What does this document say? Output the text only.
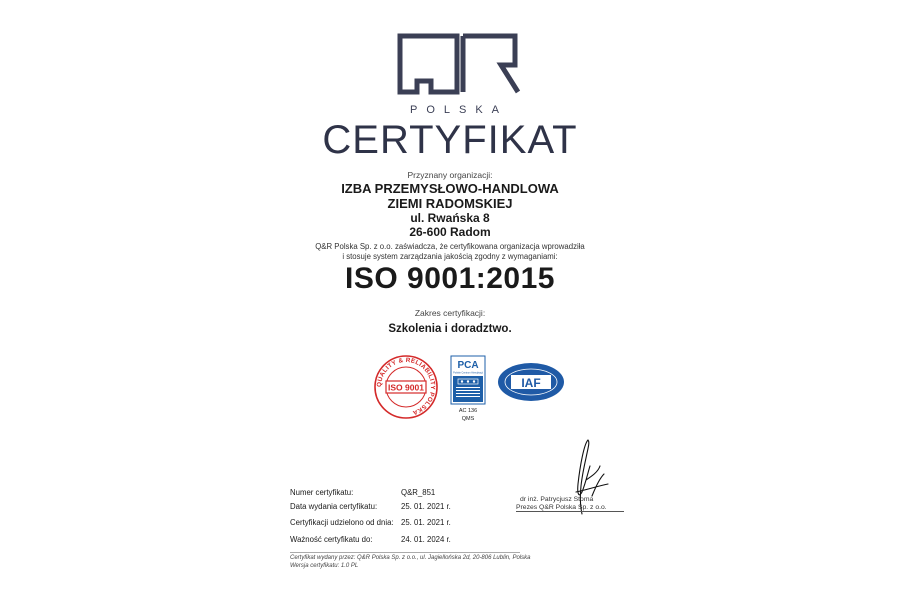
POLSKA
CERTYFIKAT
Przyznany organizacji:
IZBA PRZEMYSŁOWO-HANDLOWA
ZIEMI RADOMSKIEJ
ul. Rwańska 8
26-600 Radom
Q&R Polska Sp. z o.o. zaświadcza, że certyfikowana organizacja wprowadziła
i stosuje system zarządzania jakością zgodny z wymaganiami:
ISO 9001:2015
Zakres certyfikacji:
Szkolenia i doradztwo.
QUALITY & RELIABILITY POLSKA
ISO 9001
PCA
Polskie Centrum Akredytacji
AC 136
QMS
IAF
dr inż. Patrycjusz Stoma
Prezes Q&R Polska Sp. z o.o.
Numer certyfikatu:	Q&R_851
Data wydania certyfikatu:	25. 01. 2021 r.
Certyfikacji udzielono od dnia: 25. 01. 2021 r.
Ważność certyfikatu do:	24. 01. 2024 r.
Certyfikat wydany przez: Q&R Polska Sp. z o.o., ul. Jagiellońska 2d, 20-806 Lublin, Polska
Wersja certyfikatu: 1.0 PL
